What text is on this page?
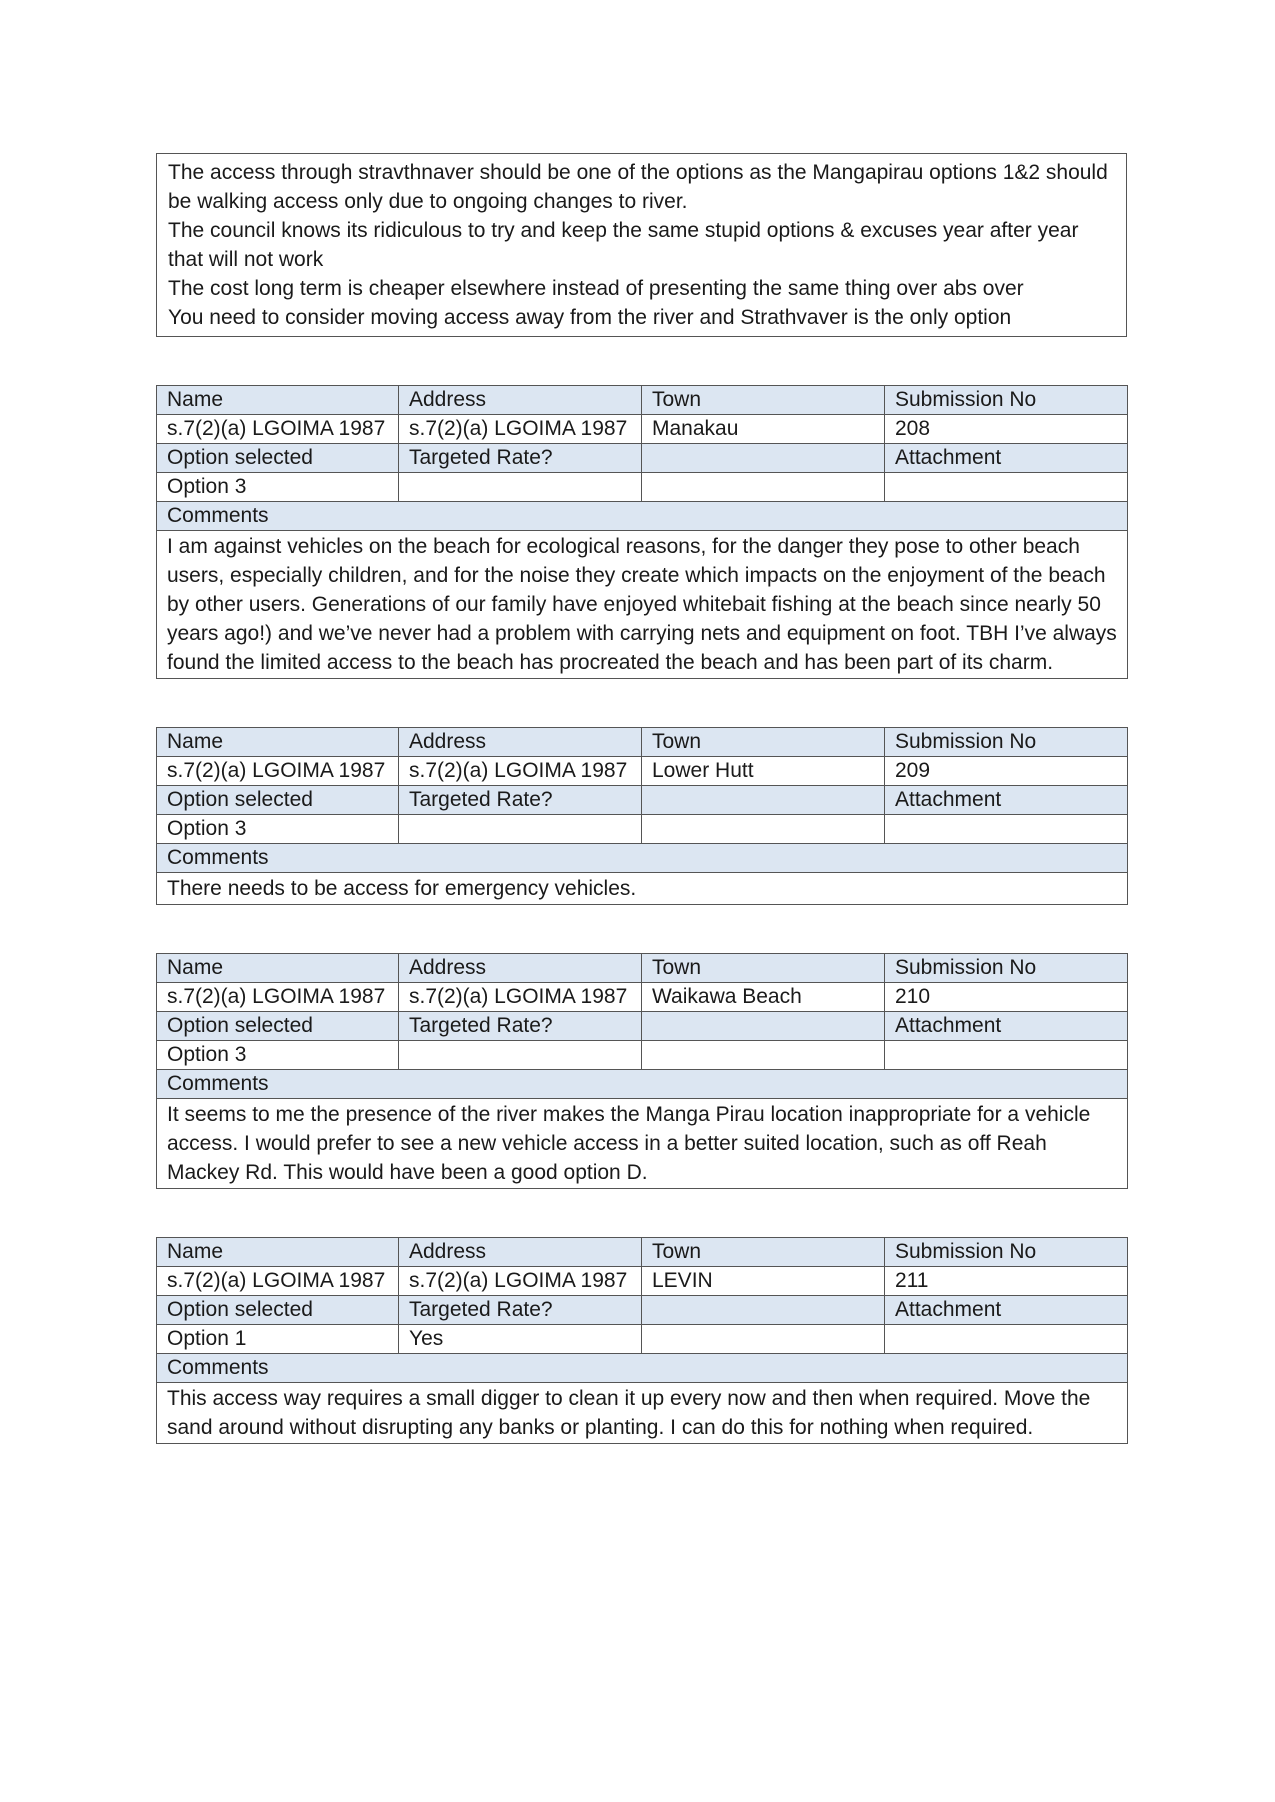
The access through stravthnaver should be one of the options as the Mangapirau options 1&2 should be walking access only due to ongoing changes to river.

The council knows its ridiculous to try and keep the same stupid options & excuses year after year that will not work

The cost long term is cheaper elsewhere instead of presenting the same thing over abs over

You need to consider moving access away from the river and Strathvaver is the only option

Name	Address	Town	Submission No
s.7(2)(a) LGOIMA 1987	s.7(2)(a) LGOIMA 1987	Manakau	208
Option selected	Targeted Rate?		Attachment
Option 3			
Comments			
I am against vehicles on the beach for ecological reasons, for the danger they pose to other beach users, especially children, and for the noise they create which impacts on the enjoyment of the beach by other users. Generations of our family have enjoyed whitebait fishing at the beach since nearly 50 years ago!) and we’ve never had a problem with carrying nets and equipment on foot. TBH I’ve always found the limited access to the beach has procreated the beach and has been part of its charm.			
Name	Address	Town	Submission No
s.7(2)(a) LGOIMA 1987	s.7(2)(a) LGOIMA 1987	Lower Hutt	209
Option selected	Targeted Rate?		Attachment
Option 3			
Comments			
There needs to be access for emergency vehicles.			
Name	Address	Town	Submission No
s.7(2)(a) LGOIMA 1987	s.7(2)(a) LGOIMA 1987	Waikawa Beach	210
Option selected	Targeted Rate?		Attachment
Option 3			
Comments			
It seems to me the presence of the river makes the Manga Pirau location inappropriate for a vehicle access. I would prefer to see a new vehicle access in a better suited location, such as off Reah Mackey Rd. This would have been a good option D.			
Name	Address	Town	Submission No
s.7(2)(a) LGOIMA 1987	s.7(2)(a) LGOIMA 1987	LEVIN	211
Option selected	Targeted Rate?		Attachment
Option 1	Yes		
Comments			
This access way requires a small digger to clean it up every now and then when required. Move the sand around without disrupting any banks or planting. I can do this for nothing when required.			
